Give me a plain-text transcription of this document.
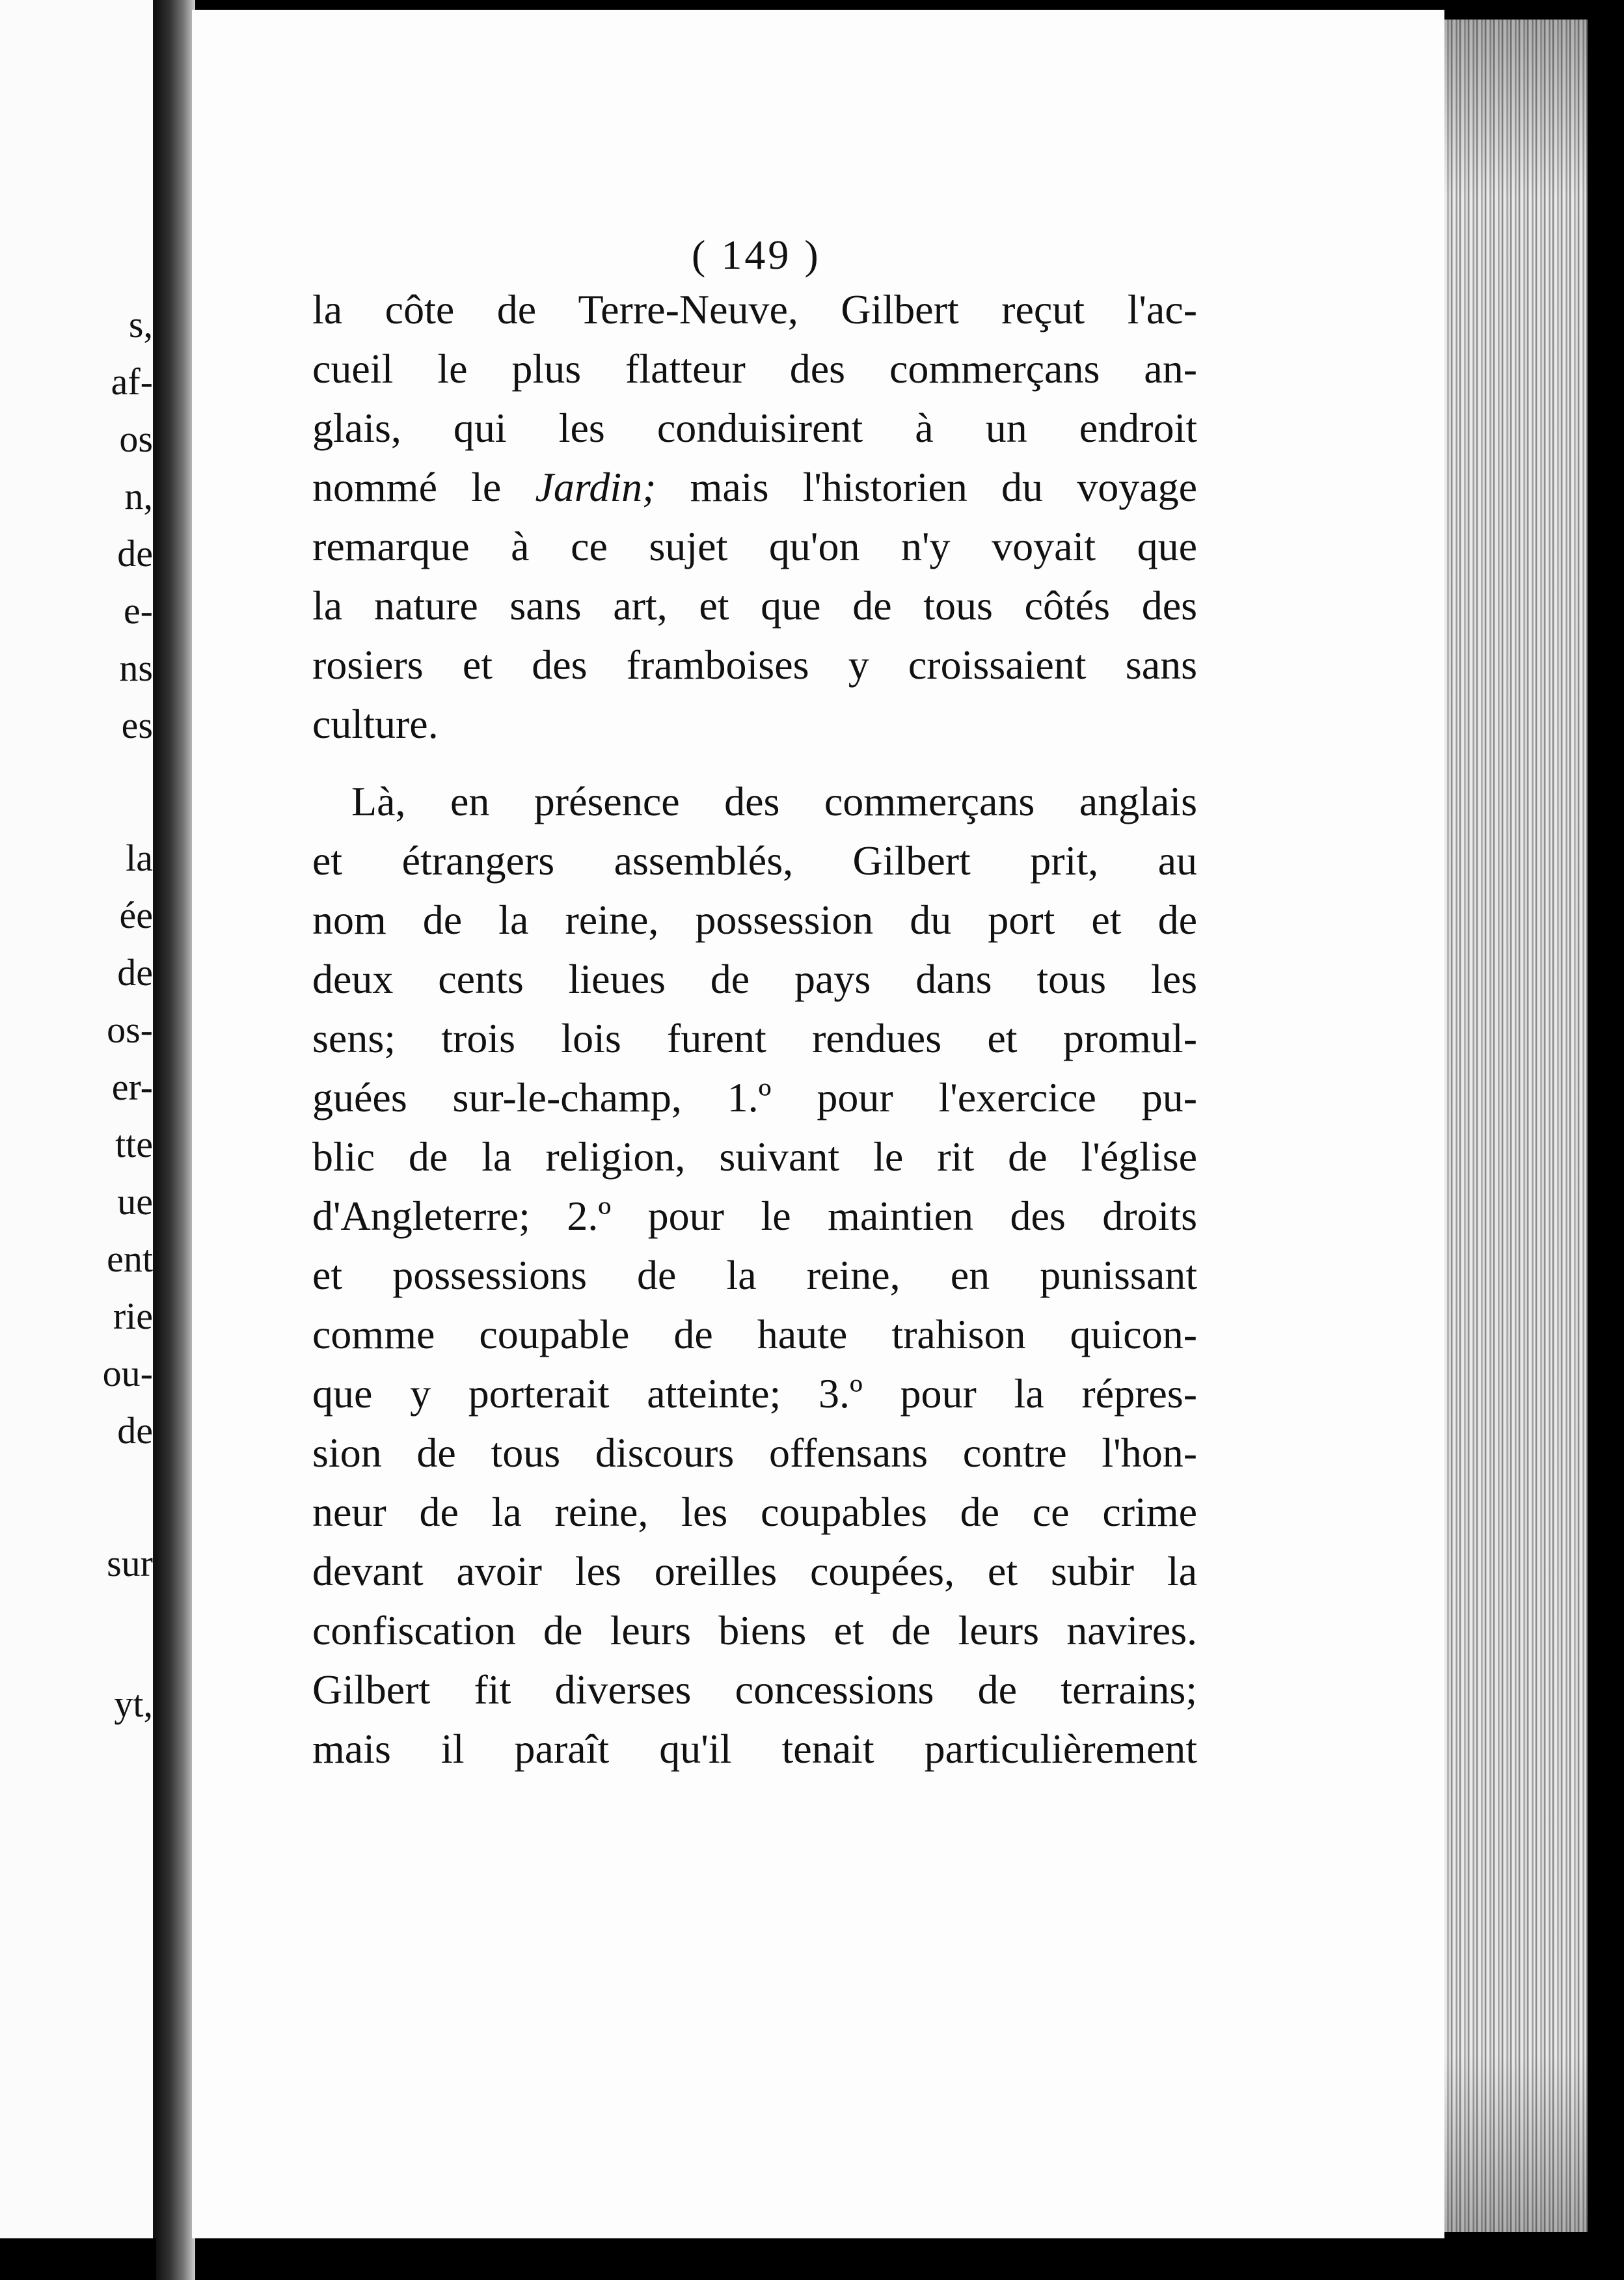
s,
af-
os
n,
de
e-
ns
es
la
ée
de
os-
er-
tte
ue
ent
rie
ou-
de
sur
yt,
( 149 )
la côte de Terre-Neuve, Gilbert reçut l'ac-
cueil le plus flatteur des commerçans an-
glais, qui les conduisirent à un endroit
nommé le Jardin; mais l'historien du voyage
remarque à ce sujet qu'on n'y voyait que
la nature sans art, et que de tous côtés des
rosiers et des framboises y croissaient sans
culture.
Là, en présence des commerçans anglais
et étrangers assemblés, Gilbert prit, au
nom de la reine, possession du port et de
deux cents lieues de pays dans tous les
sens; trois lois furent rendues et promul-
guées sur-le-champ, 1.º pour l'exercice pu-
blic de la religion, suivant le rit de l'église
d'Angleterre; 2.º pour le maintien des droits
et possessions de la reine, en punissant
comme coupable de haute trahison quicon-
que y porterait atteinte; 3.º pour la répres-
sion de tous discours offensans contre l'hon-
neur de la reine, les coupables de ce crime
devant avoir les oreilles coupées, et subir la
confiscation de leurs biens et de leurs navires.
Gilbert fit diverses concessions de terrains;
mais il paraît qu'il tenait particulièrement
